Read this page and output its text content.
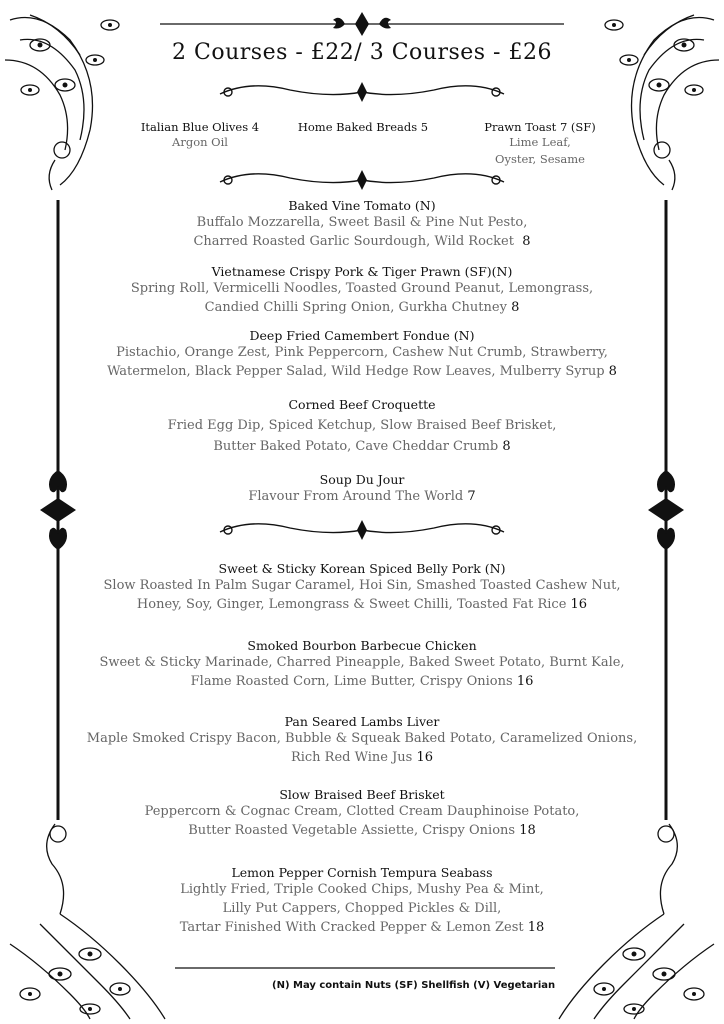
2 Courses - £22/ 3 Courses - £26
Italian Blue Olives 4
Argon Oil
Home Baked Breads 5	Prawn Toast 7 (SF)
Lime Leaf,
Oyster, Sesame
Baked Vine Tomato (N)
Buffalo Mozzarella, Sweet Basil & Pine Nut Pesto,
Charred Roasted Garlic Sourdough, Wild Rocket 8
Vietnamese Crispy Pork & Tiger Prawn (SF)(N)
Spring Roll, Vermicelli Noodles, Toasted Ground Peanut, Lemongrass,
Candied Chilli Spring Onion, Gurkha Chutney 8
Deep Fried Camembert Fondue (N)
Pistachio, Orange Zest, Pink Peppercorn, Cashew Nut Crumb, Strawberry,
Watermelon, Black Pepper Salad, Wild Hedge Row Leaves, Mulberry Syrup 8
Corned Beef Croquette
Fried Egg Dip, Spiced Ketchup, Slow Braised Beef Brisket,
Butter Baked Potato, Cave Cheddar Crumb 8
Soup Du Jour
Flavour From Around The World 7
Sweet & Sticky Korean Spiced Belly Pork (N)
Slow Roasted In Palm Sugar Caramel, Hoi Sin, Smashed Toasted Cashew Nut,
Honey, Soy, Ginger, Lemongrass & Sweet Chilli, Toasted Fat Rice 16
Smoked Bourbon Barbecue Chicken
Sweet & Sticky Marinade, Charred Pineapple, Baked Sweet Potato, Burnt Kale,
Flame Roasted Corn, Lime Butter, Crispy Onions 16
Pan Seared Lambs Liver
Maple Smoked Crispy Bacon, Bubble & Squeak Baked Potato, Caramelized Onions,
Rich Red Wine Jus 16
Slow Braised Beef Brisket
Peppercorn & Cognac Cream, Clotted Cream Dauphinoise Potato,
Butter Roasted Vegetable Assiette, Crispy Onions 18
Lemon Pepper Cornish Tempura Seabass
Lightly Fried, Triple Cooked Chips, Mushy Pea & Mint,
Lilly Put Cappers, Chopped Pickles & Dill,
Tartar Finished With Cracked Pepper & Lemon Zest 18
(N) May contain Nuts (SF) Shellfish (V) Vegetarian
